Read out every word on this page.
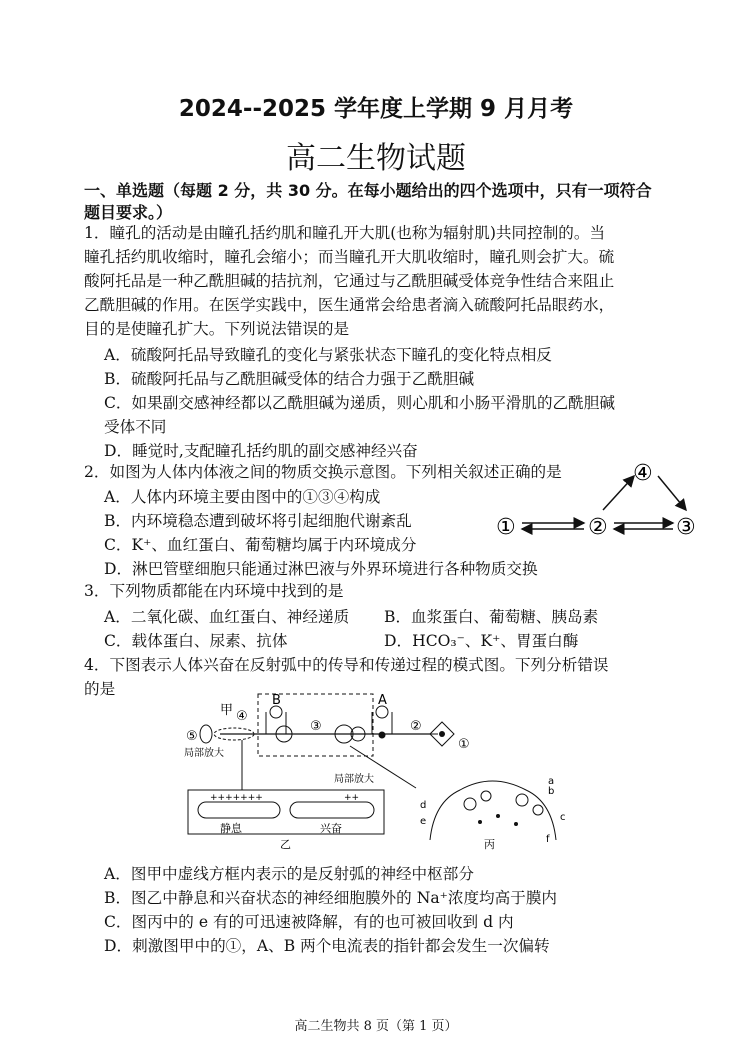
2024--2025 学年度上学期 9 月月考
高二生物试题
一、单选题（每题 2 分，共 30 分。在每小题给出的四个选项中，只有一项符合
题目要求。）
1．瞳孔的活动是由瞳孔括约肌和瞳孔开大肌(也称为辐射肌)共同控制的。当
瞳孔括约肌收缩时，瞳孔会缩小；而当瞳孔开大肌收缩时，瞳孔则会扩大。硫
酸阿托品是一种乙酰胆碱的拮抗剂，它通过与乙酰胆碱受体竞争性结合来阻止
乙酰胆碱的作用。在医学实践中，医生通常会给患者滴入硫酸阿托品眼药水，
目的是使瞳孔扩大。下列说法错误的是
A．硫酸阿托品导致瞳孔的变化与紧张状态下瞳孔的变化特点相反
B．硫酸阿托品与乙酰胆碱受体的结合力强于乙酰胆碱
C．如果副交感神经都以乙酰胆碱为递质，则心肌和小肠平滑肌的乙酰胆碱
受体不同
D．睡觉时,支配瞳孔括约肌的副交感神经兴奋
2．如图为人体内体液之间的物质交换示意图。下列相关叙述正确的是
A．人体内环境主要由图中的①③④构成
B．内环境稳态遭到破坏将引起细胞代谢紊乱
C．K⁺、血红蛋白、葡萄糖均属于内环境成分
D．淋巴管壁细胞只能通过淋巴液与外界环境进行各种物质交换
①	②	③
④
3．下列物质都能在内环境中找到的是
A．二氧化碳、血红蛋白、神经递质 B．血浆蛋白、葡萄糖、胰岛素
C．载体蛋白、尿素、抗体	D．HCO₃⁻、K⁺、胃蛋白酶
4．下图表示人体兴奋在反射弧中的传导和传递过程的模式图。下列分析错误
的是
B	A
⑤
④
甲
③	②
①
局部放大
局部放大
+++++++	++
静息	兴奋
乙
d
e
a
b
c
f
丙
A．图甲中虚线方框内表示的是反射弧的神经中枢部分
B．图乙中静息和兴奋状态的神经细胞膜外的 Na⁺浓度均高于膜内
C．图丙中的 e 有的可迅速被降解，有的也可被回收到 d 内
D．刺激图甲中的①，A、B 两个电流表的指针都会发生一次偏转
高二生物共 8 页（第 1 页）
